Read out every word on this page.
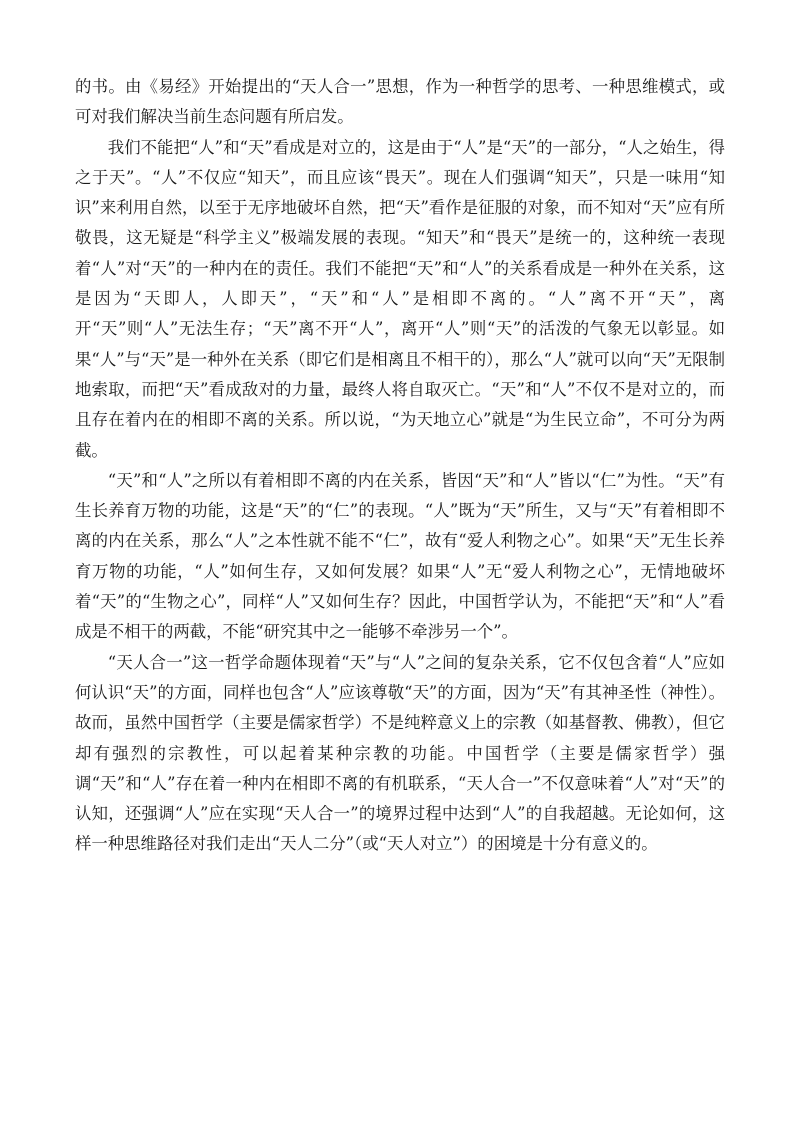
的书。由《易经》开始提出的“天人合一”思想，作为一种哲学的思考、一种思维模式，或可对我们解决当前生态问题有所启发。

我们不能把“人”和“天”看成是对立的，这是由于“人”是“天”的一部分，“人之始生，得之于天”。“人”不仅应“知天”，而且应该“畏天”。现在人们强调“知天”，只是一味用“知识”来利用自然，以至于无序地破坏自然，把“天”看作是征服的对象，而不知对“天”应有所敬畏，这无疑是“科学主义”极端发展的表现。“知天”和“畏天”是统一的，这种统一表现着“人”对“天”的一种内在的责任。我们不能把“天”和“人”的关系看成是一种外在关系，这是因为“天即人，人即天”，“天”和“人”是相即不离的。“人”离不开“天”，离开“天”则“人”无法生存；“天”离不开“人”，离开“人”则“天”的活泼的气象无以彰显。如果“人”与“天”是一种外在关系（即它们是相离且不相干的），那么“人”就可以向“天”无限制地索取，而把“天”看成敌对的力量，最终人将自取灭亡。“天”和“人”不仅不是对立的，而且存在着内在的相即不离的关系。所以说，“为天地立心”就是“为生民立命”，不可分为两截。

“天”和“人”之所以有着相即不离的内在关系，皆因“天”和“人”皆以“仁”为性。“天”有生长养育万物的功能，这是“天”的“仁”的表现。“人”既为“天”所生，又与“天”有着相即不离的内在关系，那么“人”之本性就不能不“仁”，故有“爱人利物之心”。如果“天”无生长养育万物的功能，“人”如何生存，又如何发展？如果“人”无“爱人利物之心”，无情地破坏着“天”的“生物之心”，同样“人”又如何生存？因此，中国哲学认为，不能把“天”和“人”看成是不相干的两截，不能“研究其中之一能够不牵涉另一个”。

“天人合一”这一哲学命题体现着“天”与“人”之间的复杂关系，它不仅包含着“人”应如何认识“天”的方面，同样也包含“人”应该尊敬“天”的方面，因为“天”有其神圣性（神性）。故而，虽然中国哲学（主要是儒家哲学）不是纯粹意义上的宗教（如基督教、佛教），但它却有强烈的宗教性，可以起着某种宗教的功能。中国哲学（主要是儒家哲学）强调“天”和“人”存在着一种内在相即不离的有机联系，“天人合一”不仅意味着“人”对“天”的认知，还强调“人”应在实现“天人合一”的境界过程中达到“人”的自我超越。无论如何，这样一种思维路径对我们走出“天人二分”（或“天人对立”）的困境是十分有意义的。
